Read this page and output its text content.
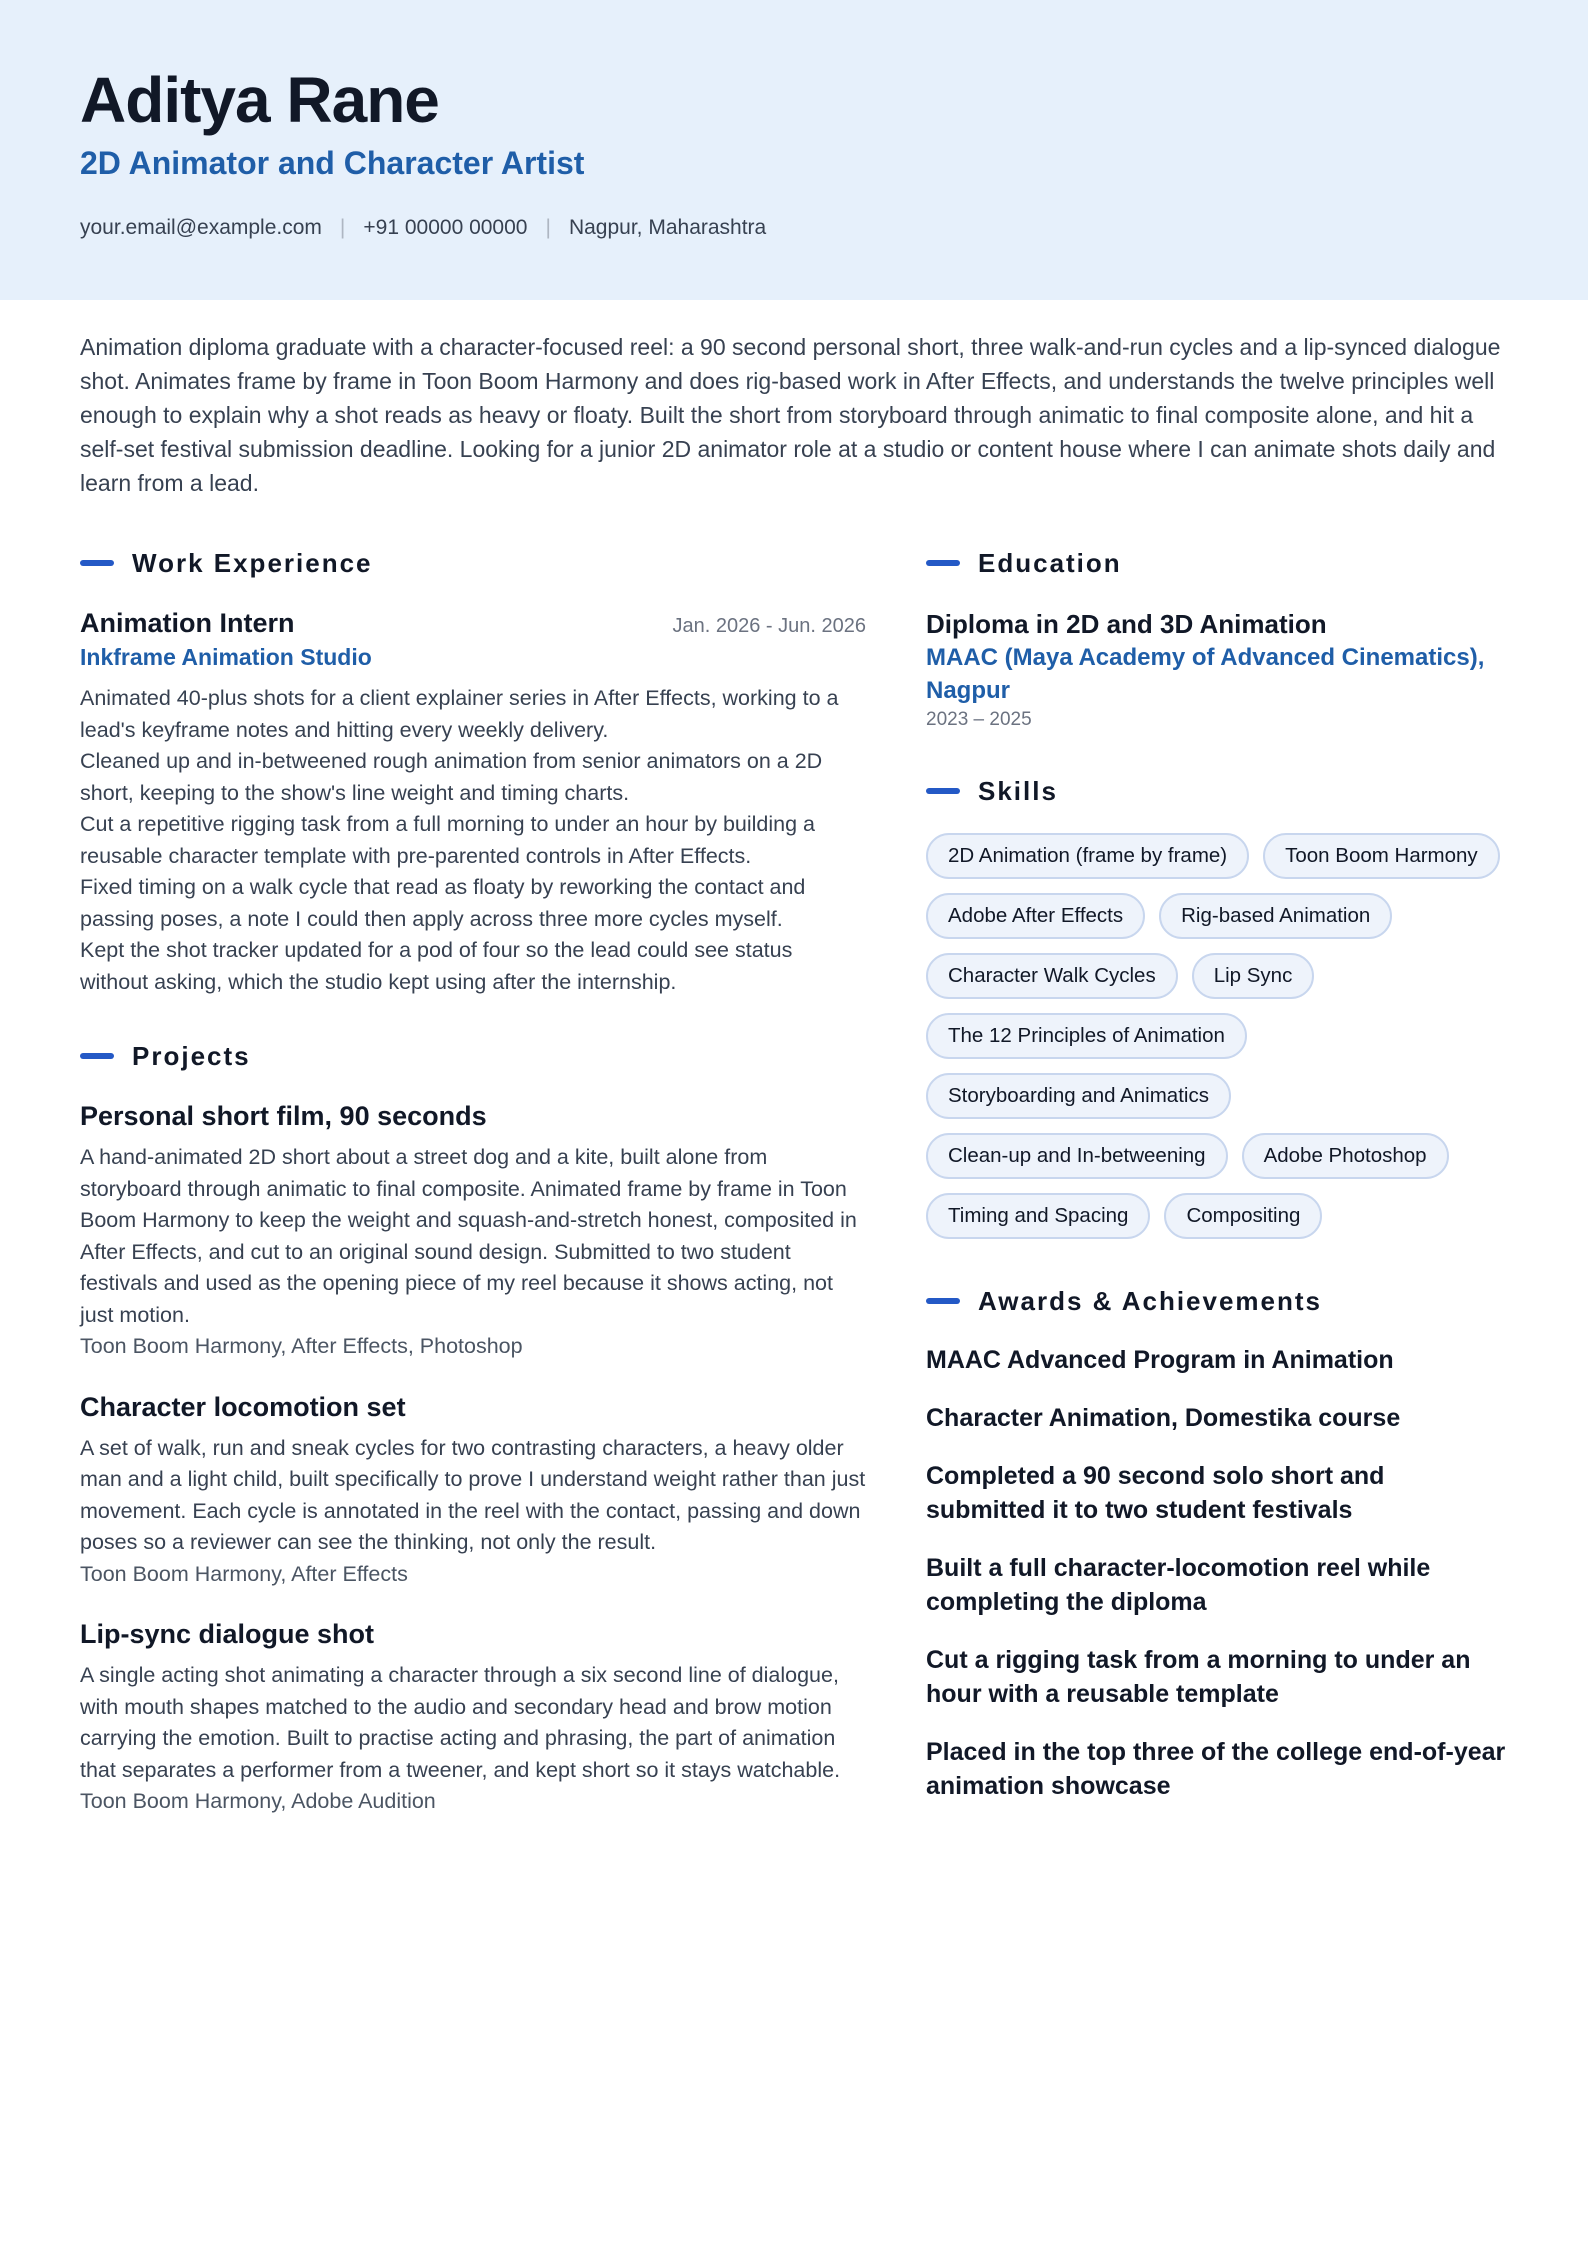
Aditya Rane
2D Animator and Character Artist
your.email@example.com | +91 00000 00000 | Nagpur, Maharashtra

Animation diploma graduate with a character-focused reel: a 90 second personal short, three walk-and-run cycles and a lip-synced dialogue shot. Animates frame by frame in Toon Boom Harmony and does rig-based work in After Effects, and understands the twelve principles well enough to explain why a shot reads as heavy or floaty. Built the short from storyboard through animatic to final composite alone, and hit a self-set festival submission deadline. Looking for a junior 2D animator role at a studio or content house where I can animate shots daily and learn from a lead.

Work Experience
Animation Intern	Jan. 2026 - Jun. 2026
Inkframe Animation Studio
Animated 40-plus shots for a client explainer series in After Effects, working to a lead's keyframe notes and hitting every weekly delivery.
Cleaned up and in-betweened rough animation from senior animators on a 2D short, keeping to the show's line weight and timing charts.
Cut a repetitive rigging task from a full morning to under an hour by building a reusable character template with pre-parented controls in After Effects.
Fixed timing on a walk cycle that read as floaty by reworking the contact and passing poses, a note I could then apply across three more cycles myself.
Kept the shot tracker updated for a pod of four so the lead could see status without asking, which the studio kept using after the internship.
Projects
Personal short film, 90 seconds
A hand-animated 2D short about a street dog and a kite, built alone from storyboard through animatic to final composite. Animated frame by frame in Toon Boom Harmony to keep the weight and squash-and-stretch honest, composited in After Effects, and cut to an original sound design. Submitted to two student festivals and used as the opening piece of my reel because it shows acting, not just motion.
Toon Boom Harmony, After Effects, Photoshop
Character locomotion set
A set of walk, run and sneak cycles for two contrasting characters, a heavy older man and a light child, built specifically to prove I understand weight rather than just movement. Each cycle is annotated in the reel with the contact, passing and down poses so a reviewer can see the thinking, not only the result.
Toon Boom Harmony, After Effects
Lip-sync dialogue shot
A single acting shot animating a character through a six second line of dialogue, with mouth shapes matched to the audio and secondary head and brow motion carrying the emotion. Built to practise acting and phrasing, the part of animation that separates a performer from a tweener, and kept short so it stays watchable.
Toon Boom Harmony, Adobe Audition
Education
Diploma in 2D and 3D Animation
MAAC (Maya Academy of Advanced Cinematics), Nagpur
2023 – 2025
Skills
2D Animation (frame by frame)	Toon Boom Harmony
Adobe After Effects	Rig-based Animation
Character Walk Cycles	Lip Sync
The 12 Principles of Animation
Storyboarding and Animatics
Clean-up and In-betweening	Adobe Photoshop
Timing and Spacing	Compositing
Awards & Achievements
MAAC Advanced Program in Animation
Character Animation, Domestika course
Completed a 90 second solo short and submitted it to two student festivals
Built a full character-locomotion reel while completing the diploma
Cut a rigging task from a morning to under an hour with a reusable template
Placed in the top three of the college end-of-year animation showcase
